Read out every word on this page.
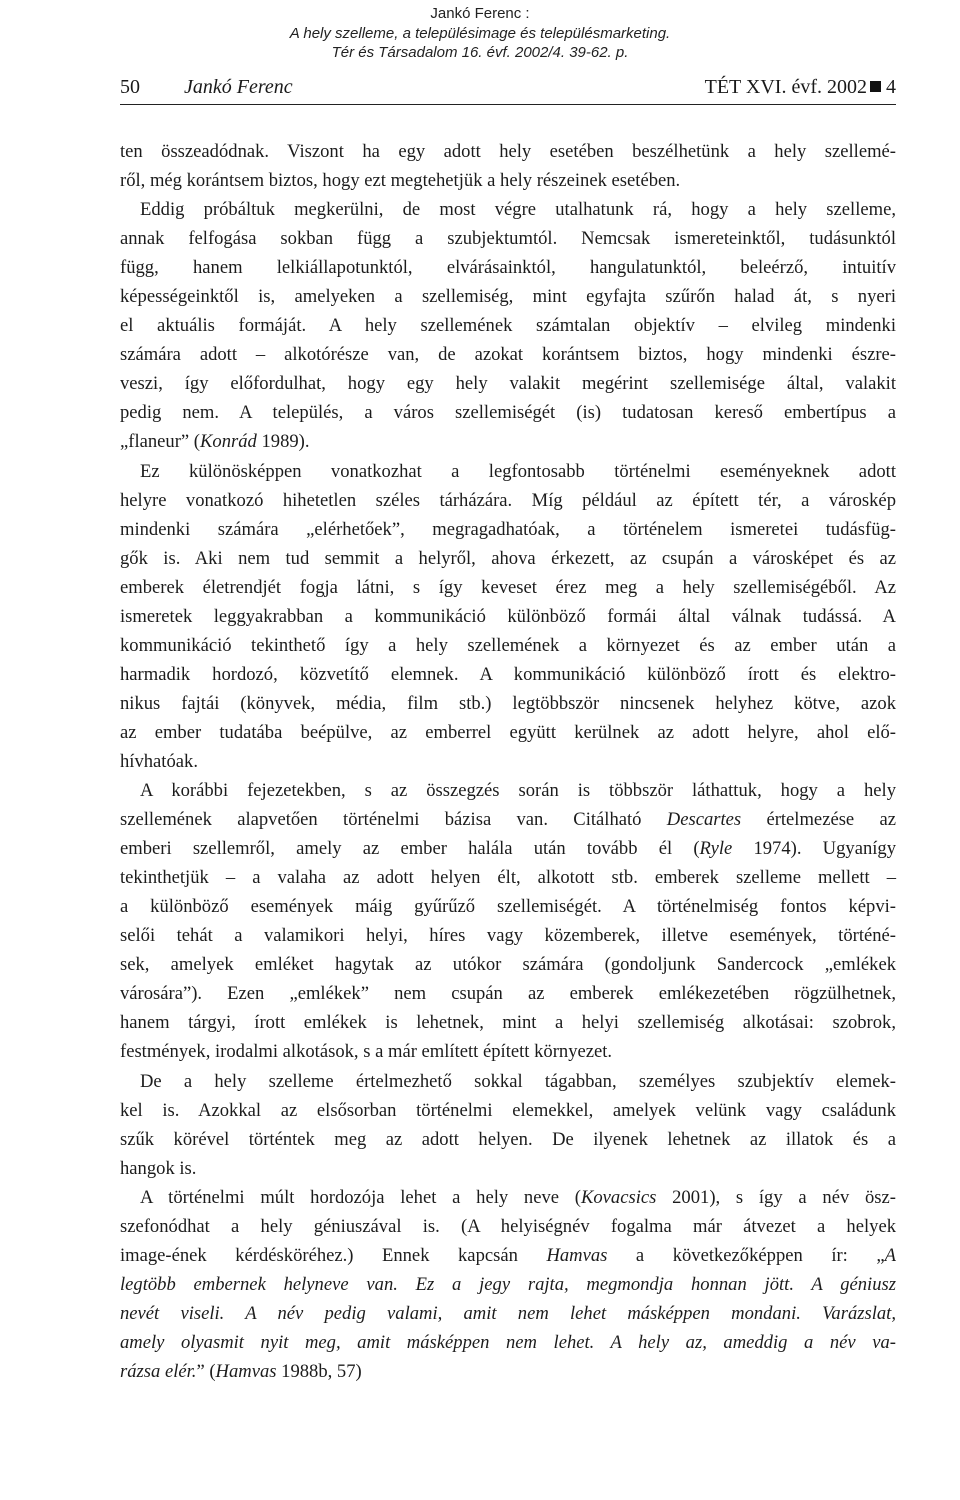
Jankó Ferenc :
A hely szelleme, a településimage és településmarketing.
Tér és Társadalom 16. évf. 2002/4. 39-62. p.
50 Jankó Ferenc	TÉT XVI. évf. 2002 4

ten összeadódnak. Viszont ha egy adott hely esetében beszélhetünk a hely szellemé-
ről, még korántsem biztos, hogy ezt megtehetjük a hely részeinek esetében.
Eddig próbáltuk megkerülni, de most végre utalhatunk rá, hogy a hely szelleme,
annak felfogása sokban függ a szubjektumtól. Nemcsak ismereteinktől, tudásunktól
függ, hanem lelkiállapotunktól, elvárásainktól, hangulatunktól, beleérző, intuitív
képességeinktől is, amelyeken a szellemiség, mint egyfajta szűrőn halad át, s nyeri
el aktuális formáját. A hely szellemének számtalan objektív – elvileg mindenki
számára adott – alkotórésze van, de azokat korántsem biztos, hogy mindenki észre-
veszi, így előfordulhat, hogy egy hely valakit megérint szellemisége által, valakit
pedig nem. A település, a város szellemiségét (is) tudatosan kereső embertípus a
„flaneur” (Konrád 1989).

Ez különösképpen vonatkozhat a legfontosabb történelmi eseményeknek adott
helyre vonatkozó hihetetlen széles tárházára. Míg például az épített tér, a városkép
mindenki számára „elérhetőek”, megragadhatóak, a történelem ismeretei tudásfüg-
gők is. Aki nem tud semmit a helyről, ahova érkezett, az csupán a városképet és az
emberek életrendjét fogja látni, s így keveset érez meg a hely szellemiségéből. Az
ismeretek leggyakrabban a kommunikáció különböző formái által válnak tudássá. A
kommunikáció tekinthető így a hely szellemének a környezet és az ember után a
harmadik hordozó, közvetítő elemnek. A kommunikáció különböző írott és elektro-
nikus fajtái (könyvek, média, film stb.) legtöbbször nincsenek helyhez kötve, azok
az ember tudatába beépülve, az emberrel együtt kerülnek az adott helyre, ahol elő-
hívhatóak.

A korábbi fejezetekben, s az összegzés során is többször láthattuk, hogy a hely
szellemének alapvetően történelmi bázisa van. Citálható Descartes értelmezése az
emberi szellemről, amely az ember halála után tovább él (Ryle 1974). Ugyanígy
tekinthetjük – a valaha az adott helyen élt, alkotott stb. emberek szelleme mellett –
a különböző események máig gyűrűző szellemiségét. A történelmiség fontos képvi-
selői tehát a valamikori helyi, híres vagy közemberek, illetve események, történé-
sek, amelyek emléket hagytak az utókor számára (gondoljunk Sandercock „emlékek
városára”). Ezen „emlékek” nem csupán az emberek emlékezetében rögzülhetnek,
hanem tárgyi, írott emlékek is lehetnek, mint a helyi szellemiség alkotásai: szobrok,
festmények, irodalmi alkotások, s a már említett épített környezet.

De a hely szelleme értelmezhető sokkal tágabban, személyes szubjektív elemek-
kel is. Azokkal az elsősorban történelmi elemekkel, amelyek velünk vagy családunk
szűk körével történtek meg az adott helyen. De ilyenek lehetnek az illatok és a
hangok is.

A történelmi múlt hordozója lehet a hely neve (Kovacsics 2001), s így a név ösz-
szefonódhat a hely géniuszával is. (A helyiségnév fogalma már átvezet a helyek
image-ének kérdésköréhez.) Ennek kapcsán Hamvas a következőképpen ír: „A
legtöbb embernek helyneve van. Ez a jegy rajta, megmondja honnan jött. A géniusz
nevét viseli. A név pedig valami, amit nem lehet másképpen mondani. Varázslat,
amely olyasmit nyit meg, amit másképpen nem lehet. A hely az, ameddig a név va-
rázsa elér.” (Hamvas 1988b, 57)
